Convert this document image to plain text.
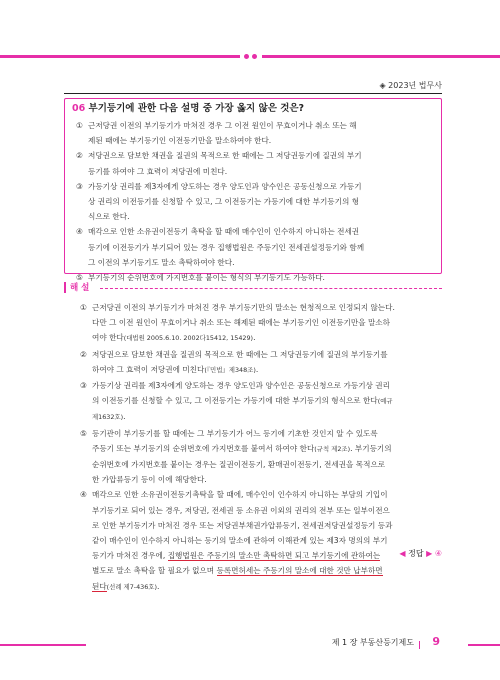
◈ 2023년 법무사
06 부기등기에 관한 다음 설명 중 가장 옳지 않은 것은?
① 근저당권 이전의 부기등기가 마쳐진 경우 그 이전 원인이 무효이거나 취소 또는 해
제된 때에는 부기등기인 이전등기만을 말소하여야 한다.
② 저당권으로 담보한 채권을 질권의 목적으로 한 때에는 그 저당권등기에 질권의 부기
등기를 하여야 그 효력이 저당권에 미친다.
③ 가등기상 권리를 제3자에게 양도하는 경우 양도인과 양수인은 공동신청으로 가등기
상 권리의 이전등기를 신청할 수 있고, 그 이전등기는 가등기에 대한 부기등기의 형
식으로 한다.
④ 매각으로 인한 소유권이전등기 촉탁을 할 때에 매수인이 인수하지 아니하는 전세권
등기에 이전등기가 부기되어 있는 경우 집행법원은 주등기인 전세권설정등기와 함께
그 이전의 부기등기도 말소 촉탁하여야 한다.
⑤ 부기등기의 순위번호에 가지번호를 붙이는 형식의 부기등기도 가능하다.
해 설
① 근저당권 이전의 부기등기가 마쳐진 경우 부기등기만의 말소는 현청적으로 인정되지 않는다.
다만 그 이전 원인이 무효이거나 취소 또는 해제된 때에는 부기등기인 이전등기만을 말소하
여야 한다(대법원 2005.6.10. 2002다15412, 15429).
② 저당권으로 담보한 채권을 질권의 목적으로 한 때에는 그 저당권등기에 질권의 부기등기를
하여야 그 효력이 저당권에 미친다(『민법』제348조).
③ 가등기상 권리를 제3자에게 양도하는 경우 양도인과 양수인은 공동신청으로 가등기상 권리
의 이전등기를 신청할 수 있고, 그 이전등기는 가등기에 대한 부기등기의 형식으로 한다(예규
제1632호).
⑤ 등기관이 부기등기를 할 때에는 그 부기등기가 어느 등기에 기초한 것인지 알 수 있도록
주등기 또는 부기등기의 순위번호에 가지번호를 붙여서 하여야 한다(규칙 제2조). 부기등기의
순위번호에 가지번호를 붙이는 경우는 질권이전등기, 환매권이전등기, 전세권을 목적으로
한 가압류등기 등이 이에 해당한다.
④ 매각으로 인한 소유권이전등기촉탁을 할 때에, 매수인이 인수하지 아니하는 부담의 기입이
부기등기로 되어 있는 경우, 저당권, 전세권 등 소유권 이외의 권리의 전부 또는 일부이전으
로 인한 부기등기가 마쳐진 경우 또는 저당권부채권가압류등기, 전세권저당권설정등기 등과
같이 매수인이 인수하지 아니하는 등기의 말소에 관하여 이해관계 있는 제3자 명의의 부기
등기가 마쳐진 경우에, 집행법원은 주등기의 말소만 촉탁하면 되고 부기등기에 관하여는
별도로 말소 촉탁을 할 필요가 없으며 등록면허세는 주등기의 말소에 대한 것만 납부하면
된다(선례 제7-436호).
◀ 정답 ▶ ④
제 1 장 부동산등기제도 9
